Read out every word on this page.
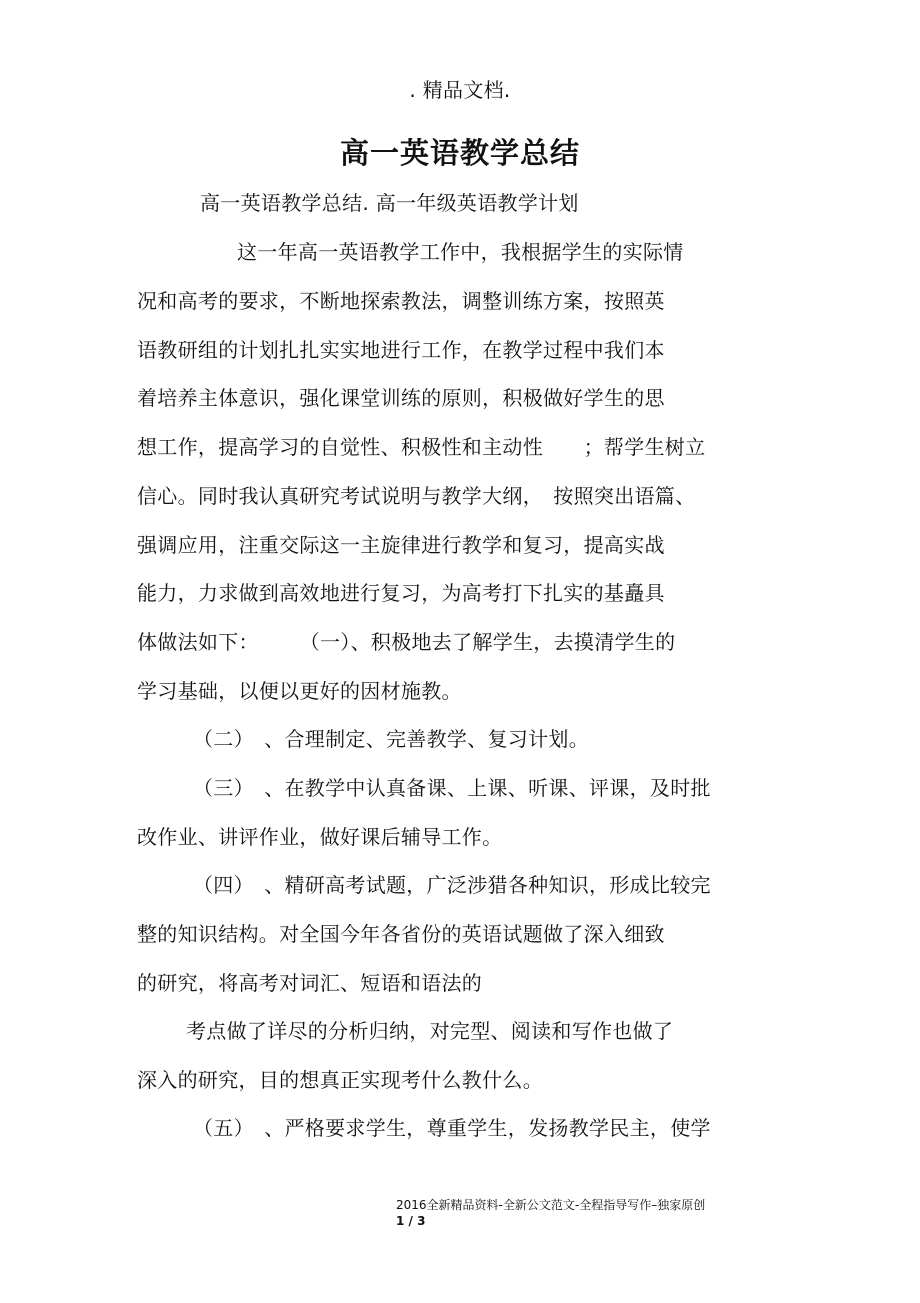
. 精品文档.
高一英语教学总结
高一英语教学总结. 高一年级英语教学计划
这一年高一英语教学工作中，我根据学生的实际情
况和高考的要求，不断地探索教法，调整训练方案，按照英
语教研组的计划扎扎实实地进行工作，在教学过程中我们本
着培养主体意识，强化课堂训练的原则，积极做好学生的思
想工作，提高学习的自觉性、积极性和主动性　　；帮学生树立
信心。同时我认真研究考试说明与教学大纲，　按照突出语篇、
强调应用，注重交际这一主旋律进行教学和复习，提高实战
能力，力求做到高效地进行复习，为高考打下扎实的基矗具
体做法如下：　　　（一）、积极地去了解学生，去摸清学生的
学习基础，以便以更好的因材施教。
（二）　、合理制定、完善教学、复习计划。
（三）　、在教学中认真备课、上课、听课、评课，及时批
改作业、讲评作业，做好课后辅导工作。
（四）　、精研高考试题，广泛涉猎各种知识，形成比较完
整的知识结构。对全国今年各省份的英语试题做了深入细致
的研究，将高考对词汇、短语和语法的
考点做了详尽的分析归纳，对完型、阅读和写作也做了
深入的研究，目的想真正实现考什么教什么。
（五）　、严格要求学生，尊重学生，发扬教学民主，使学
2016全新精品资料-全新公文范文-全程指导写作–独家原创
1 / 3
